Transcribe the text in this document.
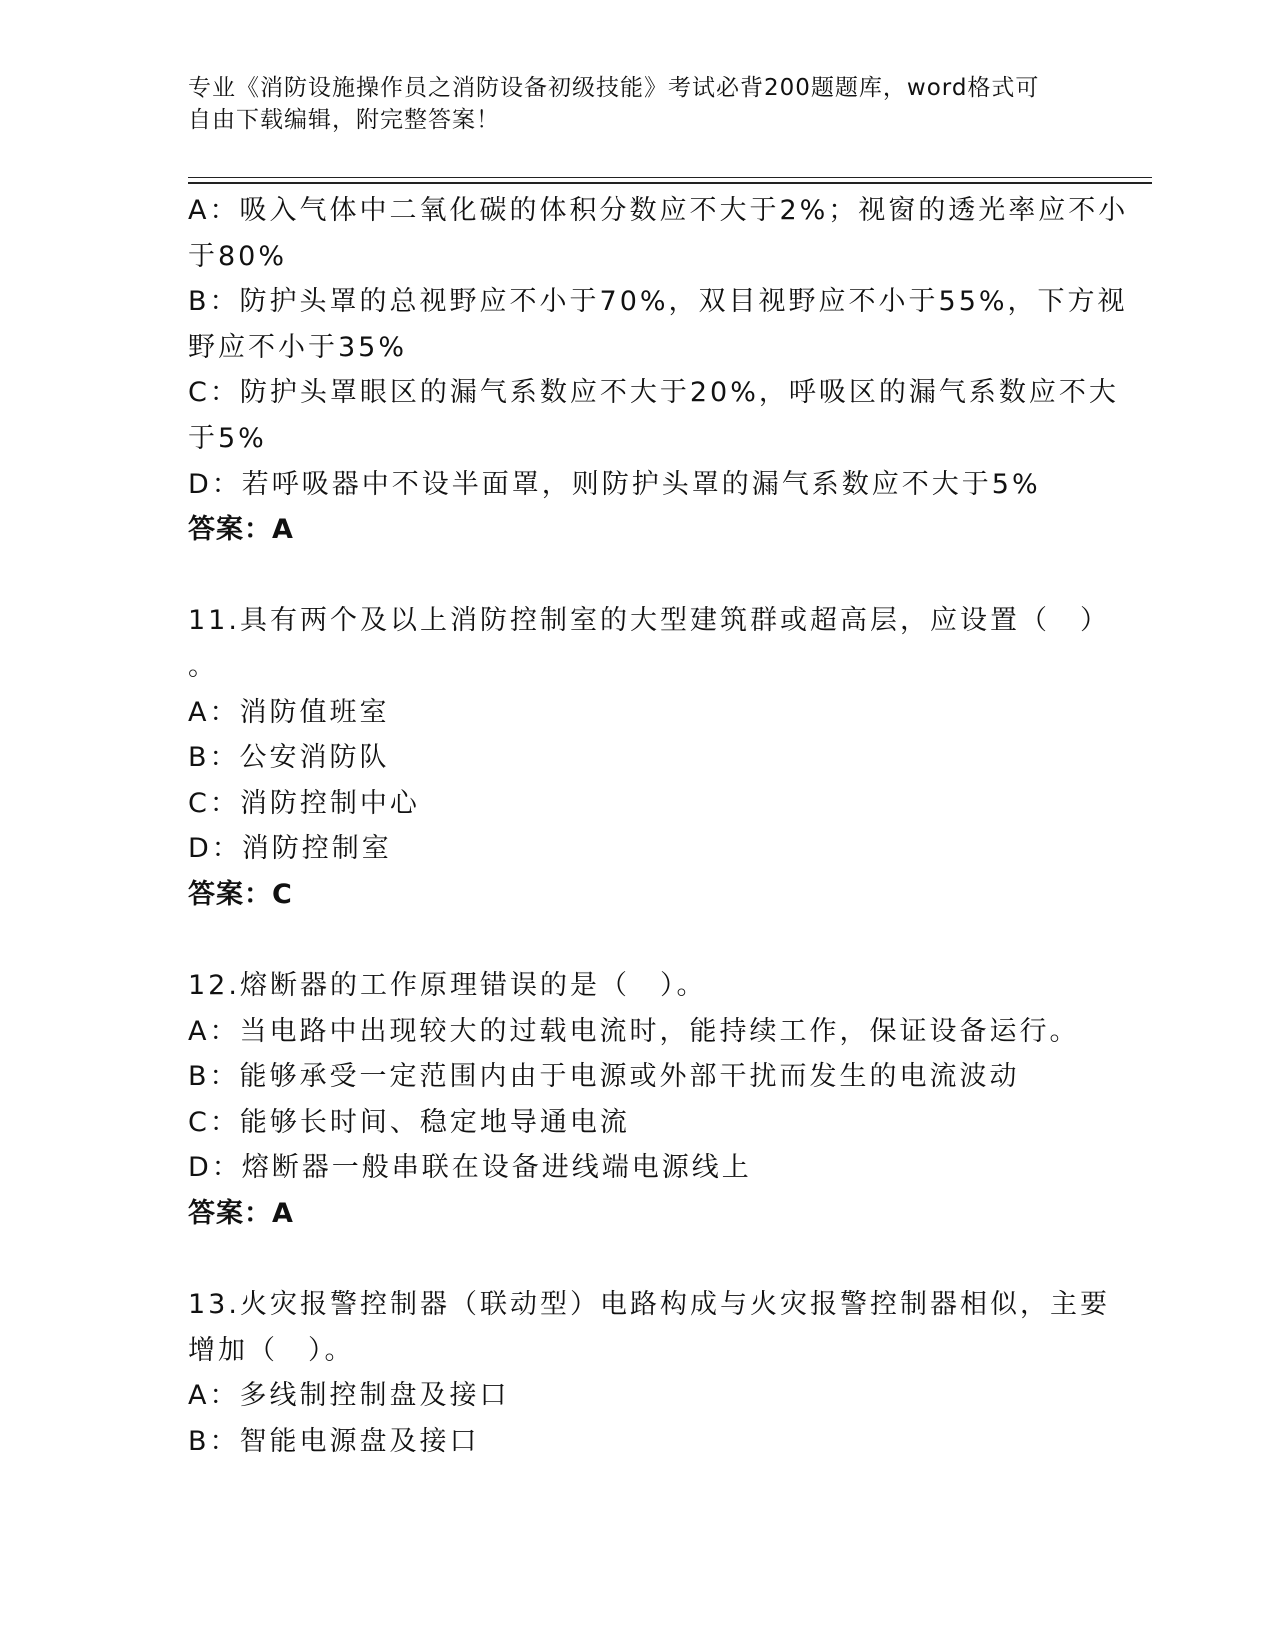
专业《消防设施操作员之消防设备初级技能》考试必背200题题库，word格式可
自由下载编辑，附完整答案！

A：吸入气体中二氧化碳的体积分数应不大于2%；视窗的透光率应不小

于80%

B：防护头罩的总视野应不小于70%，双目视野应不小于55%，下方视

野应不小于35%

C：防护头罩眼区的漏气系数应不大于20%，呼吸区的漏气系数应不大

于5%

D：若呼吸器中不设半面罩，则防护头罩的漏气系数应不大于5%

答案：A

11.具有两个及以上消防控制室的大型建筑群或超高层，应设置（　）

。

A：消防值班室

B：公安消防队

C：消防控制中心

D：消防控制室

答案：C

12.熔断器的工作原理错误的是（　）。

A：当电路中出现较大的过载电流时，能持续工作，保证设备运行。

B：能够承受一定范围内由于电源或外部干扰而发生的电流波动

C：能够长时间、稳定地导通电流

D：熔断器一般串联在设备进线端电源线上

答案：A

13.火灾报警控制器（联动型）电路构成与火灾报警控制器相似，主要

增加（　）。

A：多线制控制盘及接口

B：智能电源盘及接口
